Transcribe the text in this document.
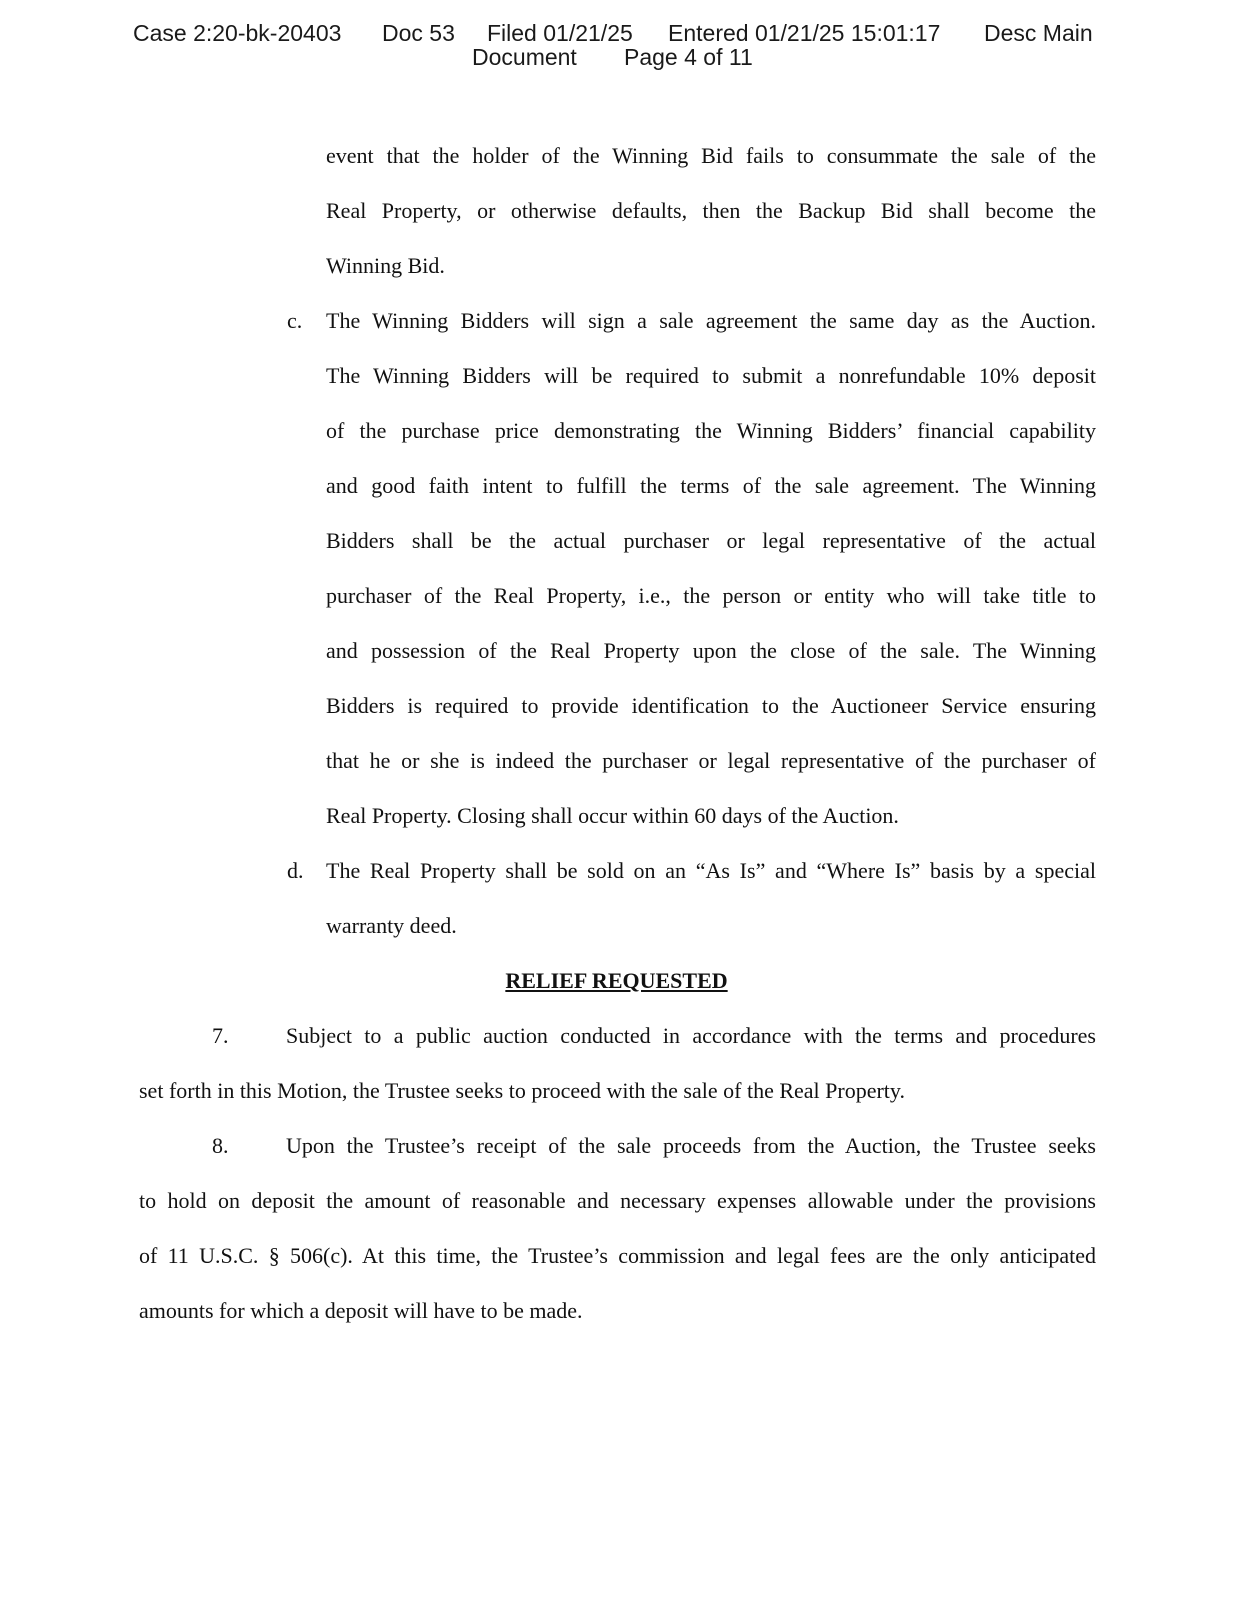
Case 2:20-bk-20403 Doc 53 Filed 01/21/25 Entered 01/21/25 15:01:17 Desc Main
Document Page 4 of 11
event that the holder of the Winning Bid fails to consummate the sale of the
Real Property, or otherwise defaults, then the Backup Bid shall become the
Winning Bid.
c.	The Winning Bidders will sign a sale agreement the same day as the Auction.
The Winning Bidders will be required to submit a nonrefundable 10% deposit
of the purchase price demonstrating the Winning Bidders’ financial capability
and good faith intent to fulfill the terms of the sale agreement. The Winning
Bidders shall be the actual purchaser or legal representative of the actual
purchaser of the Real Property, i.e., the person or entity who will take title to
and possession of the Real Property upon the close of the sale. The Winning
Bidders is required to provide identification to the Auctioneer Service ensuring
that he or she is indeed the purchaser or legal representative of the purchaser of
Real Property. Closing shall occur within 60 days of the Auction.
d.	The Real Property shall be sold on an “As Is” and “Where Is” basis by a special
warranty deed.
RELIEF REQUESTED
7.	Subject to a public auction conducted in accordance with the terms and procedures
set forth in this Motion, the Trustee seeks to proceed with the sale of the Real Property.
8.	Upon the Trustee’s receipt of the sale proceeds from the Auction, the Trustee seeks
to hold on deposit the amount of reasonable and necessary expenses allowable under the provisions
of 11 U.S.C. § 506(c). At this time, the Trustee’s commission and legal fees are the only anticipated
amounts for which a deposit will have to be made.
